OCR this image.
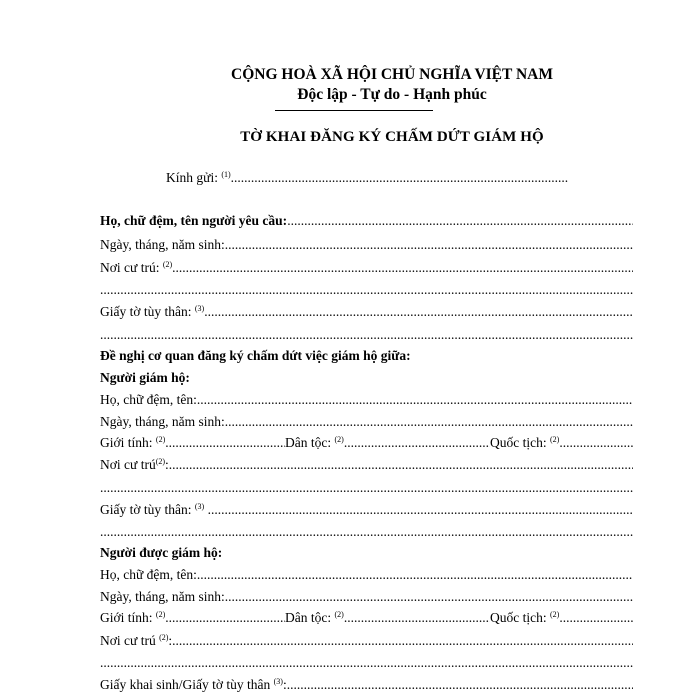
CỘNG HOÀ XÃ HỘI CHỦ NGHĨA VIỆT NAM
Độc lập - Tự do - Hạnh phúc
TỜ KHAI ĐĂNG KÝ CHẤM DỨT GIÁM HỘ
Kính gửi: $^{(1)}$
.....
Họ, chữ đệm, tên người yêu cầu:
.....
Ngày, tháng, năm sinh:
.....
Nơi cư trú: $^{(2)}$
.....
.....
Giấy tờ tùy thân: $^{(3)}$
.....
.....
Đề nghị cơ quan đăng ký chấm dứt việc giám hộ giữa:
Người giám hộ:
Họ, chữ đệm, tên:
.....
Ngày, tháng, năm sinh:
.....
Giới tính: $^{(2)}$ .....	Dân tộc: $^{(2)}$ .....	Quốc tịch: $^{(2)}$
.....
Nơi cư trú$^{(2)}$:
.....
.....
Giấy tờ tùy thân: $^{(3)}$
.....
.....
Người được giám hộ:
Họ, chữ đệm, tên:
.....
Ngày, tháng, năm sinh:
.....
Giới tính: $^{(2)}$ .....	Dân tộc: $^{(2)}$ .....	Quốc tịch: $^{(2)}$
.....
Nơi cư trú $^{(2)}$:
.....
.....
Giấy khai sinh/Giấy tờ tùy thân $^{(3)}$:
.....
